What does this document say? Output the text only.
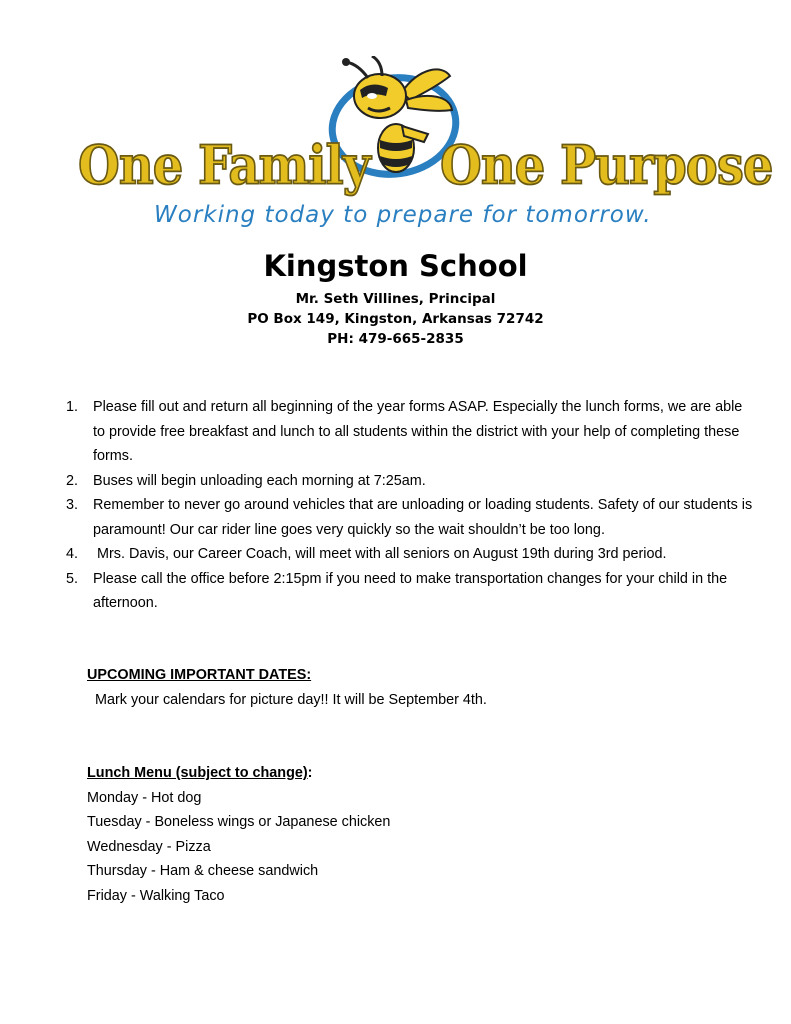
One Family One Purpose
Working today to prepare for tomorrow.
Kingston School
Mr. Seth Villines, Principal
PO Box 149, Kingston, Arkansas 72742
PH: 479-665-2835
1. Please fill out and return all beginning of the year forms ASAP. Especially the lunch forms, we are able to provide free breakfast and lunch to all students within the district with your help of completing these forms.
2. Buses will begin unloading each morning at 7:25am.
3. Remember to never go around vehicles that are unloading or loading students. Safety of our students is paramount! Our car rider line goes very quickly so the wait shouldn’t be too long.
4. Mrs. Davis, our Career Coach, will meet with all seniors on August 19th during 3rd period.
5. Please call the office before 2:15pm if you need to make transportation changes for your child in the afternoon.
UPCOMING IMPORTANT DATES:
Mark your calendars for picture day!! It will be September 4th.
Lunch Menu (subject to change):
Monday - Hot dog
Tuesday - Boneless wings or Japanese chicken
Wednesday - Pizza
Thursday - Ham & cheese sandwich
Friday - Walking Taco
